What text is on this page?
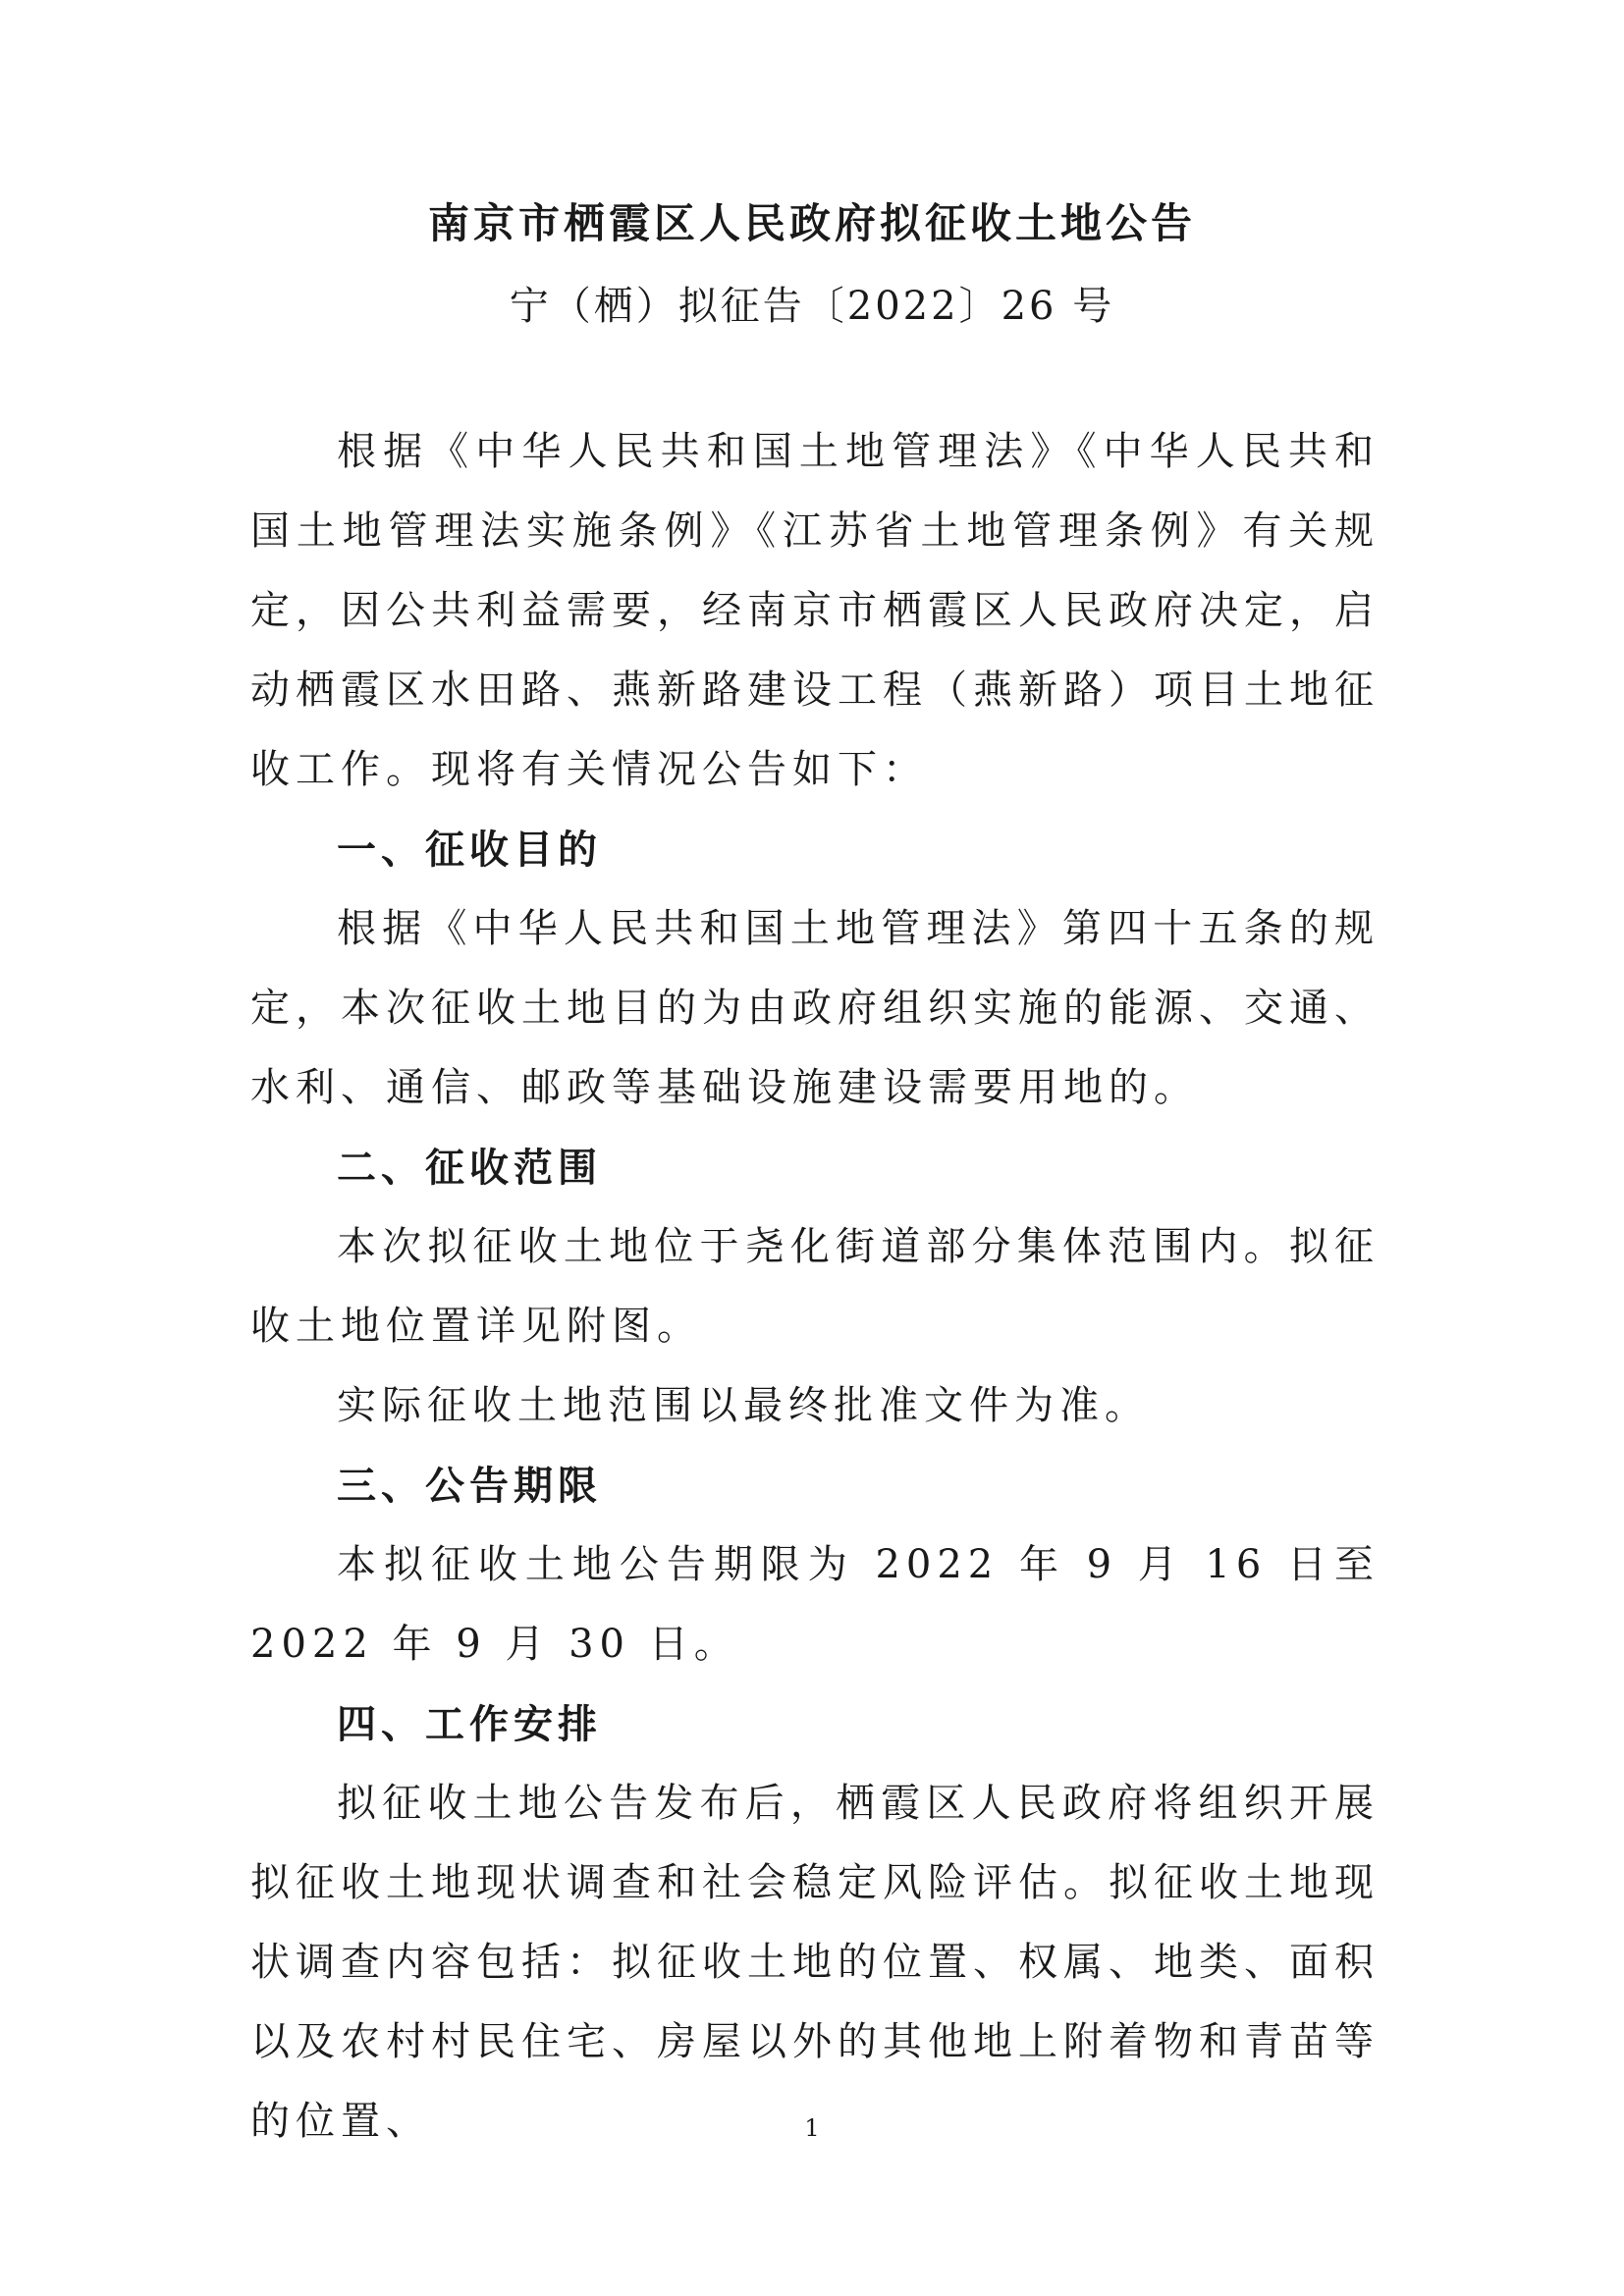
南京市栖霞区人民政府拟征收土地公告
宁（栖）拟征告〔2022〕26 号

根据《中华人民共和国土地管理法》《中华人民共和国土地管理法实施条例》《江苏省土地管理条例》有关规定，因公共利益需要，经南京市栖霞区人民政府决定，启动栖霞区水田路、燕新路建设工程（燕新路）项目土地征收工作。现将有关情况公告如下：

一、征收目的

根据《中华人民共和国土地管理法》第四十五条的规定，本次征收土地目的为由政府组织实施的能源、交通、水利、通信、邮政等基础设施建设需要用地的。

二、征收范围

本次拟征收土地位于尧化街道部分集体范围内。拟征收土地位置详见附图。

实际征收土地范围以最终批准文件为准。

三、公告期限

本拟征收土地公告期限为 2022 年 9 月 16 日至 2022 年 9 月 30 日。

四、工作安排

拟征收土地公告发布后，栖霞区人民政府将组织开展拟征收土地现状调查和社会稳定风险评估。拟征收土地现状调查内容包括：拟征收土地的位置、权属、地类、面积以及农村村民住宅、房屋以外的其他地上附着物和青苗等的位置、	1
